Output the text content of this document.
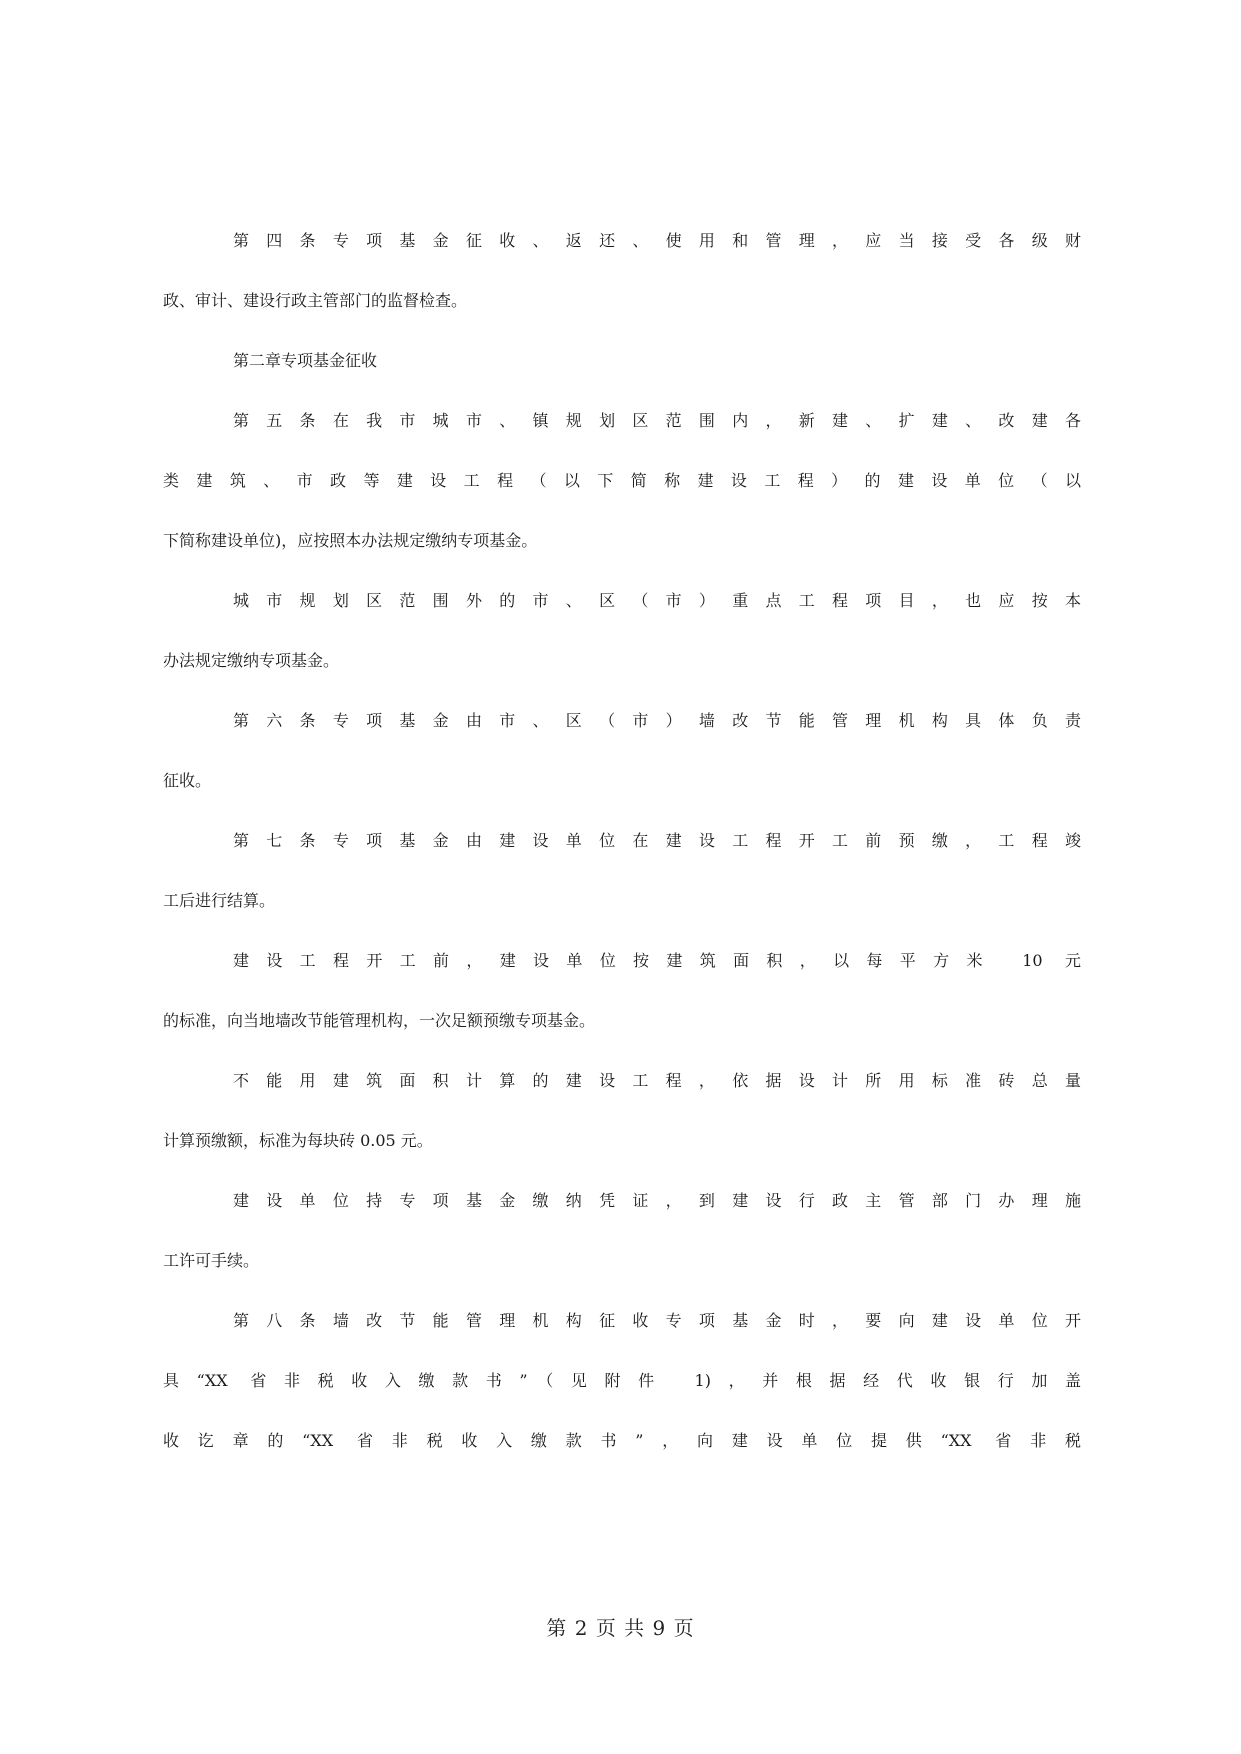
第四条专项基金征收、返还、使用和管理，应当接受各级财
政、审计、建设行政主管部门的监督检查。
第二章专项基金征收
第五条在我市城市、镇规划区范围内，新建、扩建、改建各
类建筑、市政等建设工程（以下简称建设工程）的建设单位（以
下简称建设单位)，应按照本办法规定缴纳专项基金。
城市规划区范围外的市、区（市）重点工程项目，也应按本
办法规定缴纳专项基金。
第六条专项基金由市、区（市）墙改节能管理机构具体负责
征收。
第七条专项基金由建设单位在建设工程开工前预缴，工程竣
工后进行结算。
建设工程开工前，建设单位按建筑面积，以每平方米 10 元
的标准，向当地墙改节能管理机构，一次足额预缴专项基金。
不能用建筑面积计算的建设工程，依据设计所用标准砖总量
计算预缴额，标准为每块砖 0.05 元。
建设单位持专项基金缴纳凭证，到建设行政主管部门办理施
工许可手续。
第八条墙改节能管理机构征收专项基金时，要向建设单位开
具“XX 省非税收入缴款书”（见附件 1)，并根据经代收银行加盖
收讫章的“XX 省非税收入缴款书”，向建设单位提供“XX 省非税
第 2 页 共 9 页
